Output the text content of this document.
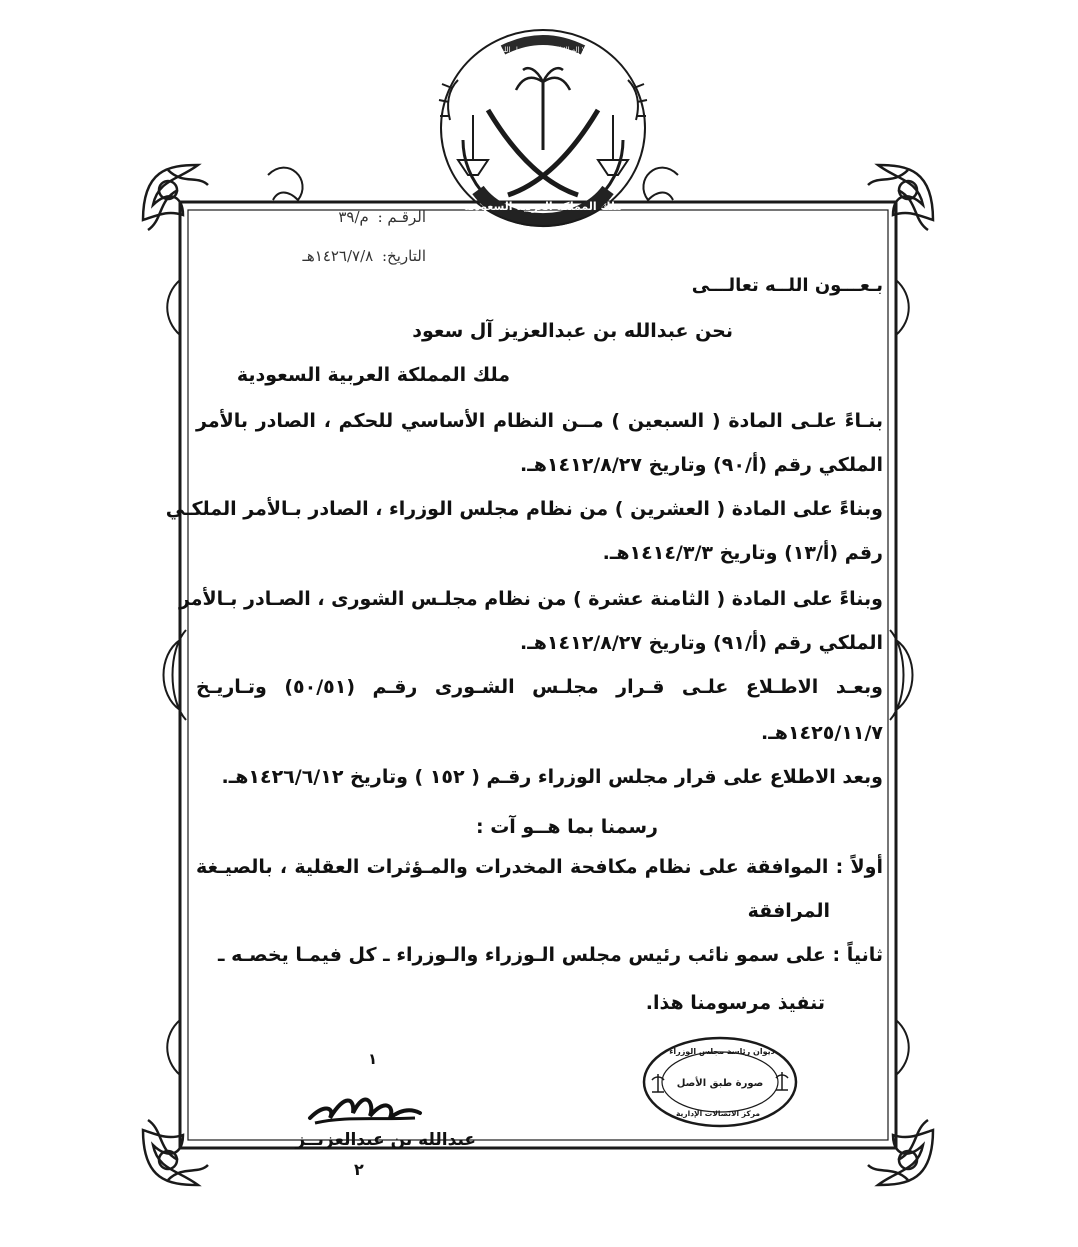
ملك المملكة العربية السعودية
لا إله إلا الله محمد رسول الله
الرقـم : م/٣٩
التاريخ: ١٤٢٦/٧/٨هـ
بـعـــون اللــه تعالـــى
نحن عبدالله بن عبدالعزيز آل سعود
ملك المملكة العربية السعودية
بنـاءً علـى المادة ( السبعين ) مــن النظام الأساسي للحكم ، الصادر بالأمر
الملكي رقم (أ/٩٠) وتاريخ ١٤١٢/٨/٢٧هـ.
وبناءً على المادة ( العشرين ) من نظام مجلس الوزراء ، الصادر بـالأمر الملكـي
رقم (أ/١٣) وتاريخ ١٤١٤/٣/٣هـ.
وبناءً على المادة ( الثامنة عشرة ) من نظام مجلـس الشورى ، الصـادر بـالأمر
الملكي رقم (أ/٩١) وتاريخ ١٤١٢/٨/٢٧هـ.
وبعـد الاطـلاع علـى قـرار مجلـس الشـورى رقـم (٥٠/٥١) وتـاريـخ
١٤٢٥/١١/٧هـ.
وبعد الاطلاع على قرار مجلس الوزراء رقـم ( ١٥٢ ) وتاريخ ١٤٢٦/٦/١٢هـ.
رسمنا بما هــو آت :
أولاً : الموافقة على نظام مكافحة المخدرات والمـؤثرات العقلية ، بالصيـغة
المرافقة
ثانياً : على سمو نائب رئيس مجلس الـوزراء والـوزراء ـ كل فيمـا يخصـه ـ
تنفيذ مرسومنا هذا.
ديوان رئاسة مجلس الوزراء
صورة طبق الأصل
مركز الاتصالات الإدارية
١
عبدالله بن عبدالعزيــز
٢
